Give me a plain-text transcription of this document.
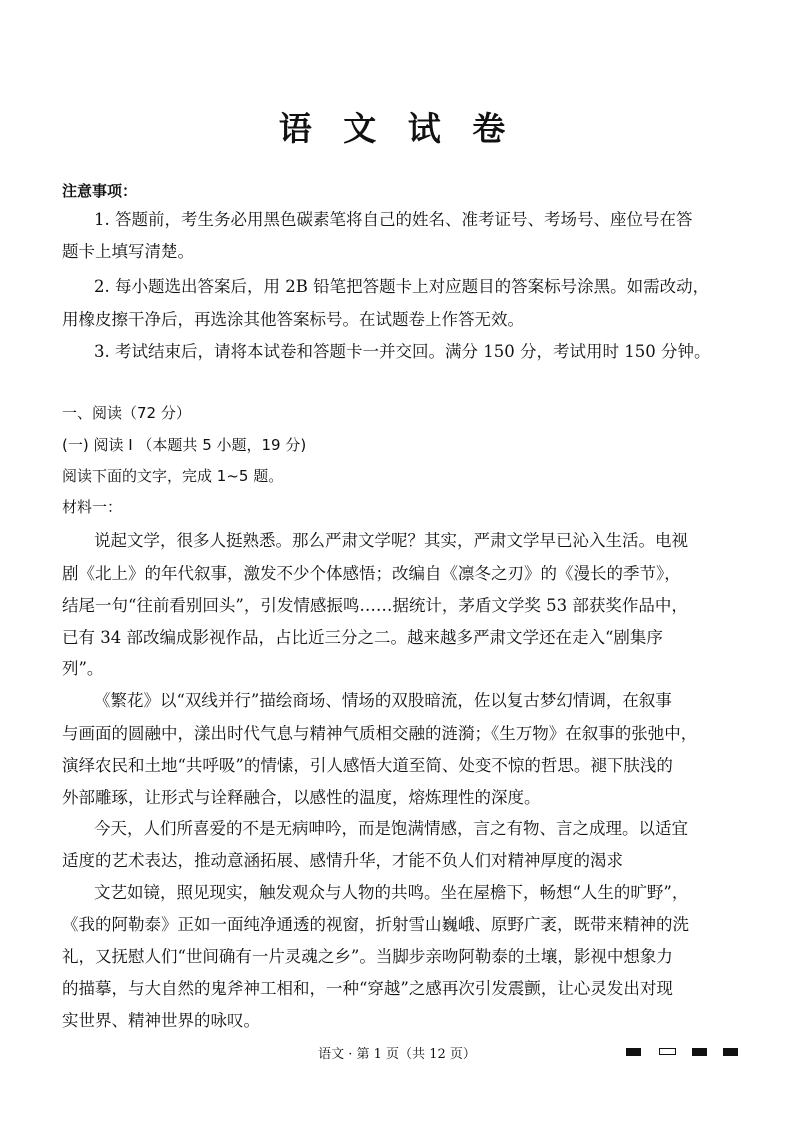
语 文 试 卷

注意事项：

1. 答题前，考生务必用黑色碳素笔将自己的姓名、准考证号、考场号、座位号在答

题卡上填写清楚。

2. 每小题选出答案后，用 2B 铅笔把答题卡上对应题目的答案标号涂黑。如需改动，

用橡皮擦干净后，再选涂其他答案标号。在试题卷上作答无效。

3. 考试结束后，请将本试卷和答题卡一并交回。满分 150 分，考试用时 150 分钟。

一、阅读（72 分）

(一) 阅读 I （本题共 5 小题，19 分)

阅读下面的文字，完成 1~5 题。

材料一：

说起文学，很多人挺熟悉。那么严肃文学呢？其实，严肃文学早已沁入生活。电视

剧《北上》的年代叙事，激发不少个体感悟；改编自《凛冬之刃》的《漫长的季节》，

结尾一句“往前看别回头”，引发情感振鸣……据统计，茅盾文学奖 53 部获奖作品中，

已有 34 部改编成影视作品，占比近三分之二。越来越多严肃文学还在走入“剧集序

列”。

《繁花》以“双线并行”描绘商场、情场的双股暗流，佐以复古梦幻情调，在叙事

与画面的圆融中，漾出时代气息与精神气质相交融的涟漪；《生万物》在叙事的张弛中，

演绎农民和土地“共呼吸”的情愫，引人感悟大道至简、处变不惊的哲思。褪下肤浅的

外部雕琢，让形式与诠释融合，以感性的温度，熔炼理性的深度。

今天，人们所喜爱的不是无病呻吟，而是饱满情感，言之有物、言之成理。以适宜

适度的艺术表达，推动意涵拓展、感情升华，才能不负人们对精神厚度的渴求

文艺如镜，照见现实，触发观众与人物的共鸣。坐在屋檐下，畅想“人生的旷野”，

《我的阿勒泰》正如一面纯净通透的视窗，折射雪山巍峨、原野广袤，既带来精神的洗

礼，又抚慰人们“世间确有一片灵魂之乡”。当脚步亲吻阿勒泰的土壤，影视中想象力

的描摹，与大自然的鬼斧神工相和，一种“穿越”之感再次引发震颤，让心灵发出对现

实世界、精神世界的咏叹。

语文 · 第 1 页（共 12 页）
